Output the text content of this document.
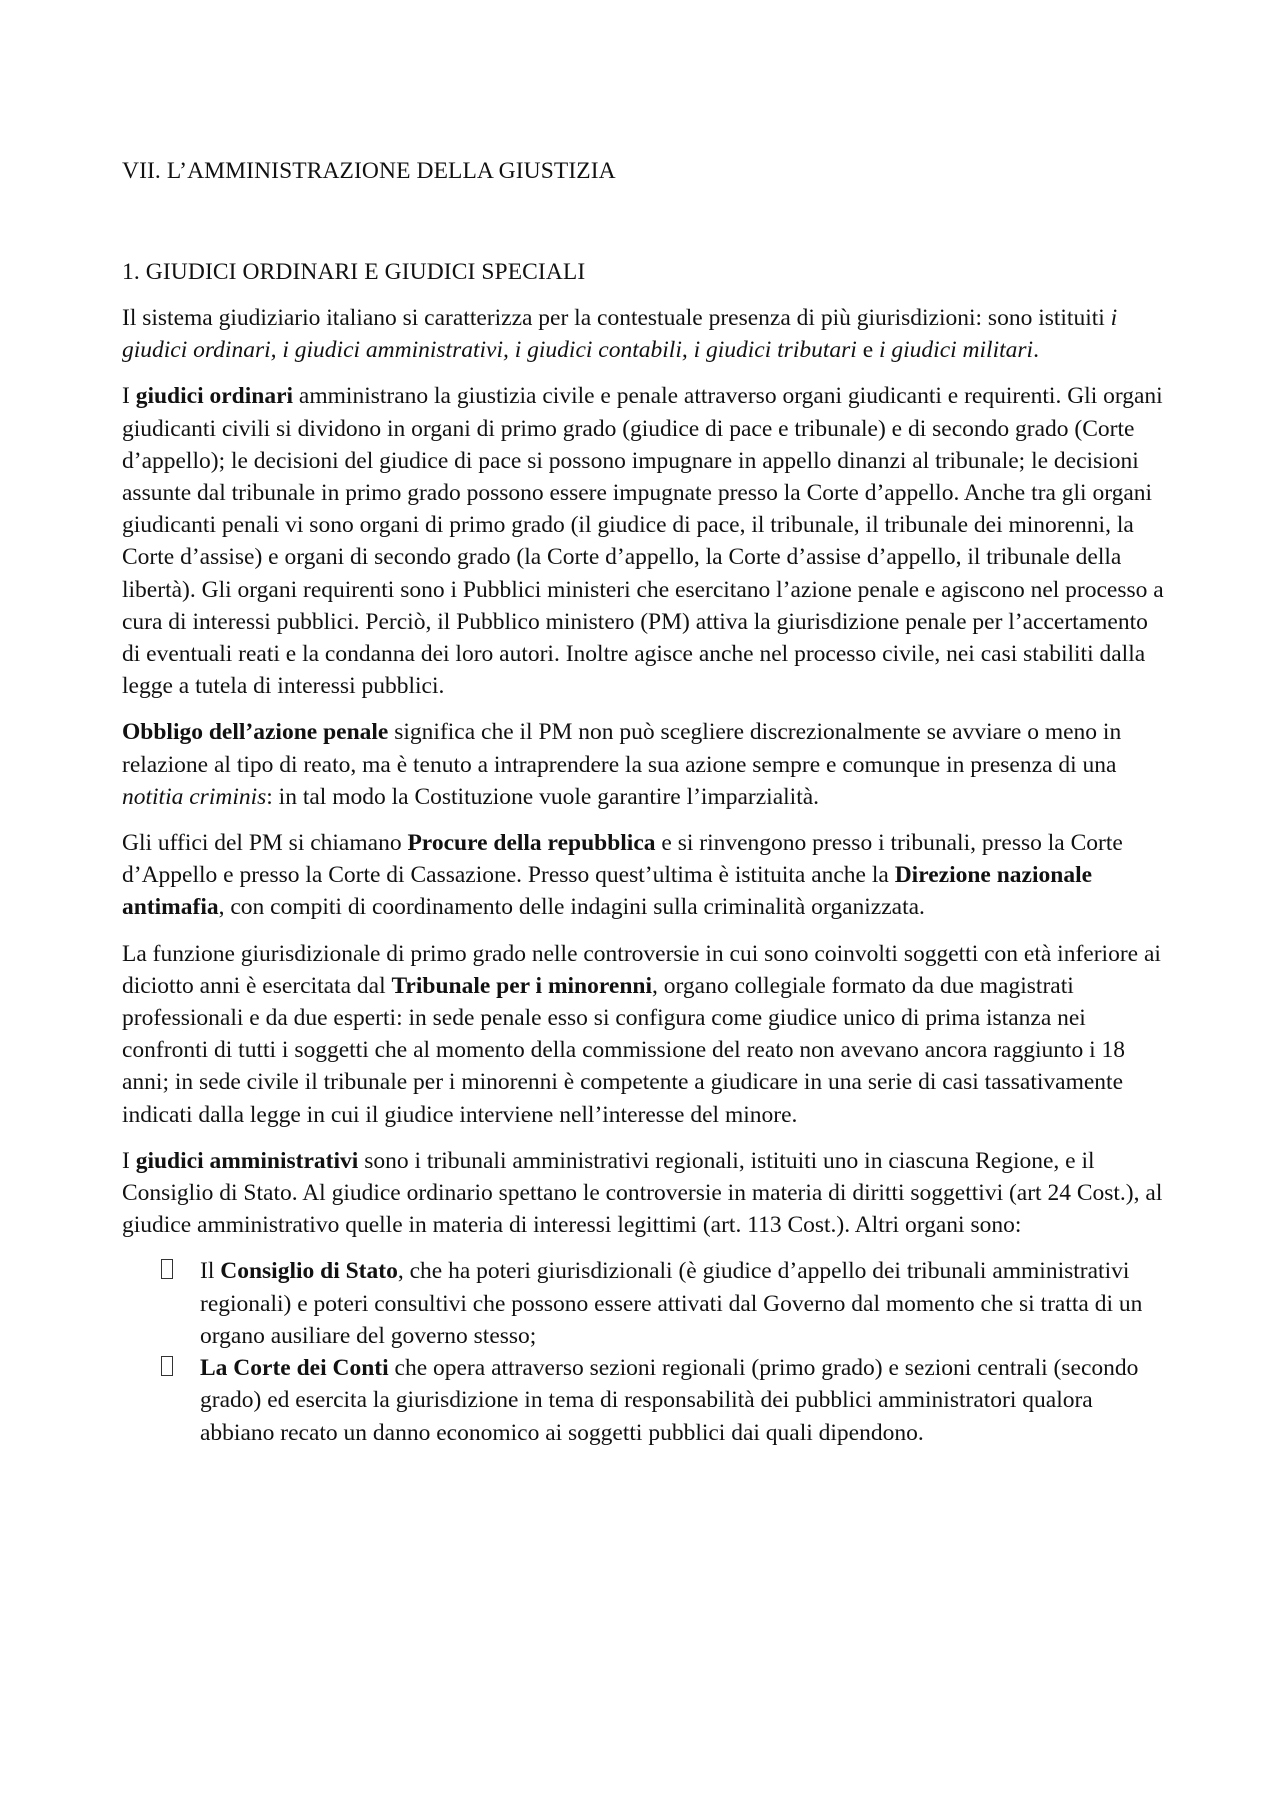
VII. L’AMMINISTRAZIONE DELLA GIUSTIZIA
1. GIUDICI ORDINARI E GIUDICI SPECIALI

Il sistema giudiziario italiano si caratterizza per la contestuale presenza di più giurisdizioni: sono istituiti i giudici ordinari, i giudici amministrativi, i giudici contabili, i giudici tributari e i giudici militari.

I giudici ordinari amministrano la giustizia civile e penale attraverso organi giudicanti e requirenti. Gli organi giudicanti civili si dividono in organi di primo grado (giudice di pace e tribunale) e di secondo grado (Corte d’appello); le decisioni del giudice di pace si possono impugnare in appello dinanzi al tribunale; le decisioni assunte dal tribunale in primo grado possono essere impugnate presso la Corte d’appello. Anche tra gli organi giudicanti penali vi sono organi di primo grado (il giudice di pace, il tribunale, il tribunale dei minorenni, la Corte d’assise) e organi di secondo grado (la Corte d’appello, la Corte d’assise d’appello, il tribunale della libertà). Gli organi requirenti sono i Pubblici ministeri che esercitano l’azione penale e agiscono nel processo a cura di interessi pubblici. Perciò, il Pubblico ministero (PM) attiva la giurisdizione penale per l’accertamento di eventuali reati e la condanna dei loro autori. Inoltre agisce anche nel processo civile, nei casi stabiliti dalla legge a tutela di interessi pubblici.

Obbligo dell’azione penale significa che il PM non può scegliere discrezionalmente se avviare o meno in relazione al tipo di reato, ma è tenuto a intraprendere la sua azione sempre e comunque in presenza di una notitia criminis: in tal modo la Costituzione vuole garantire l’imparzialità.

Gli uffici del PM si chiamano Procure della repubblica e si rinvengono presso i tribunali, presso la Corte d’Appello e presso la Corte di Cassazione. Presso quest’ultima è istituita anche la Direzione nazionale antimafia, con compiti di coordinamento delle indagini sulla criminalità organizzata.

La funzione giurisdizionale di primo grado nelle controversie in cui sono coinvolti soggetti con età inferiore ai diciotto anni è esercitata dal Tribunale per i minorenni, organo collegiale formato da due magistrati professionali e da due esperti: in sede penale esso si configura come giudice unico di prima istanza nei confronti di tutti i soggetti che al momento della commissione del reato non avevano ancora raggiunto i 18 anni; in sede civile il tribunale per i minorenni è competente a giudicare in una serie di casi tassativamente indicati dalla legge in cui il giudice interviene nell’interesse del minore.

I giudici amministrativi sono i tribunali amministrativi regionali, istituiti uno in ciascuna Regione, e il Consiglio di Stato. Al giudice ordinario spettano le controversie in materia di diritti soggettivi (art 24 Cost.), al giudice amministrativo quelle in materia di interessi legittimi (art. 113 Cost.). Altri organi sono:

Il Consiglio di Stato, che ha poteri giurisdizionali (è giudice d’appello dei tribunali amministrativi regionali) e poteri consultivi che possono essere attivati dal Governo dal momento che si tratta di un organo ausiliare del governo stesso;
La Corte dei Conti che opera attraverso sezioni regionali (primo grado) e sezioni centrali (secondo grado) ed esercita la giurisdizione in tema di responsabilità dei pubblici amministratori qualora abbiano recato un danno economico ai soggetti pubblici dai quali dipendono.
